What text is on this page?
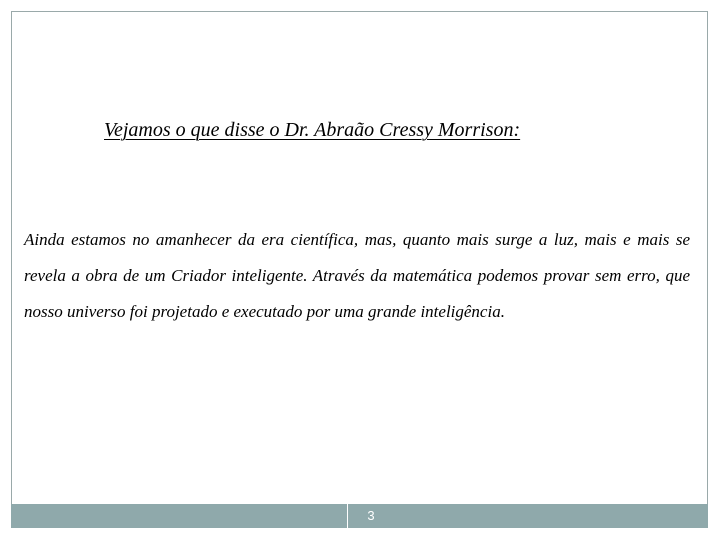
Vejamos o que disse o Dr. Abraão Cressy Morrison:

Ainda estamos no amanhecer da era científica, mas, quanto mais surge a luz, mais e mais se revela a obra de um Criador inteligente. Através da matemática podemos provar sem erro, que nosso universo foi projetado e executado por uma grande inteligência.

3
